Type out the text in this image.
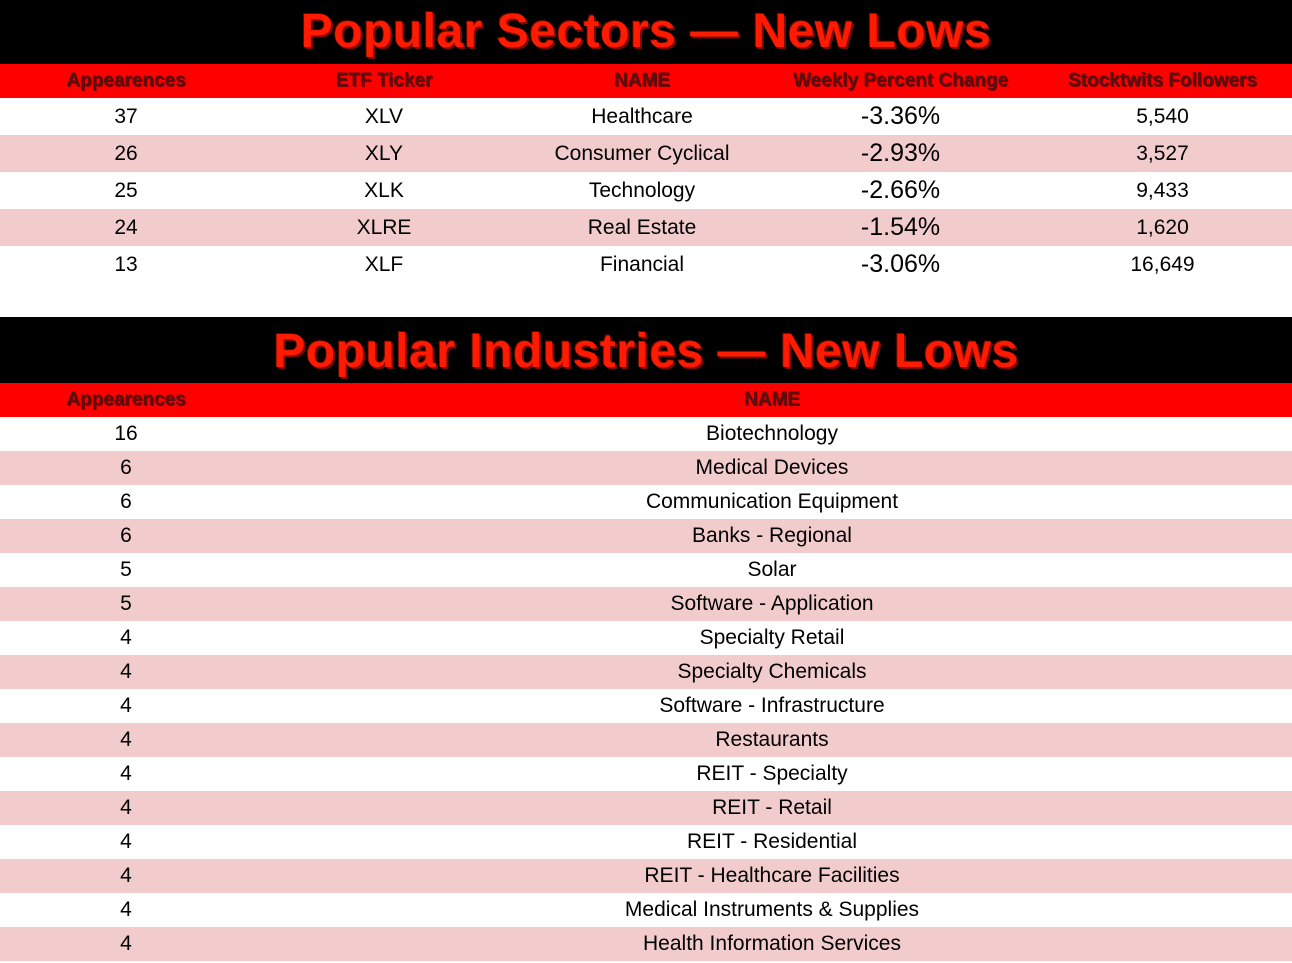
Popular Sectors — New Lows
Appearences	ETF Ticker	NAME	Weekly Percent Change	Stocktwits Followers
37	XLV	Healthcare	-3.36%	5,540
26	XLY	Consumer Cyclical	-2.93%	3,527
25	XLK	Technology	-2.66%	9,433
24	XLRE	Real Estate	-1.54%	1,620
13	XLF	Financial	-3.06%	16,649
Popular Industries — New Lows
Appearences	NAME
16	Biotechnology
6	Medical Devices
6	Communication Equipment
6	Banks - Regional
5	Solar
5	Software - Application
4	Specialty Retail
4	Specialty Chemicals
4	Software - Infrastructure
4	Restaurants
4	REIT - Specialty
4	REIT - Retail
4	REIT - Residential
4	REIT - Healthcare Facilities
4	Medical Instruments & Supplies
4	Health Information Services
